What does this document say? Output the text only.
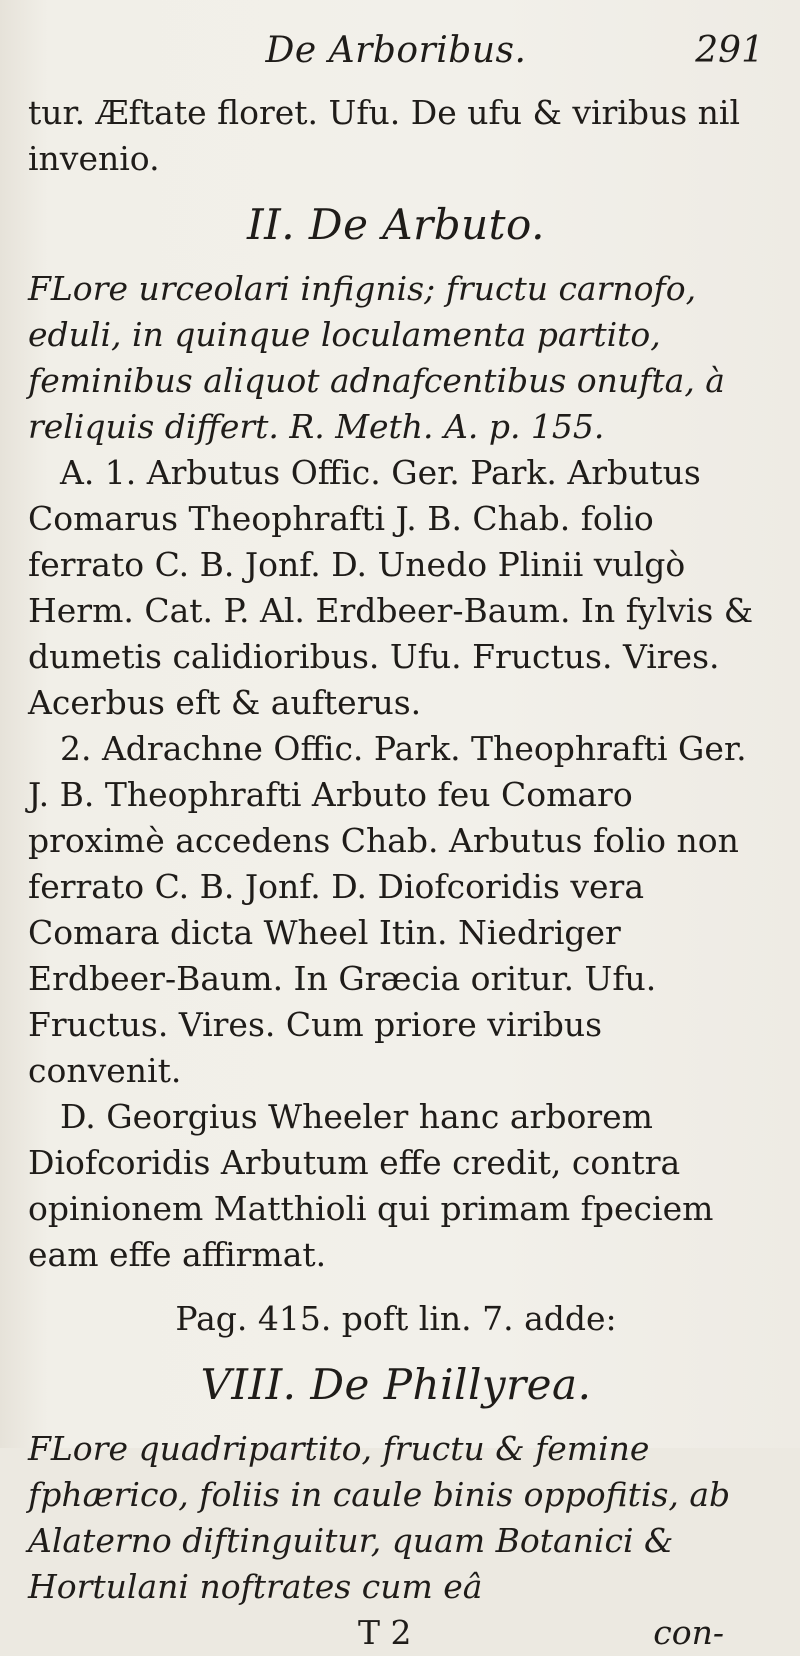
De Arboribus.	291

tur. Æftate floret. Ufu. De ufu & viribus nil

invenio.

II. De Arbuto.

FLore urceolari infignis; fructu carnofo, eduli, in quinque loculamenta partito, feminibus aliquot adnafcentibus onufta, à reliquis differt. R. Meth. A. p. 155.

A. 1. Arbutus Offic. Ger. Park. Arbutus Comarus Theophrafti J. B. Chab. folio ferrato C. B. Jonf. D. Unedo Plinii vulgò Herm. Cat. P. Al. Erdbeer-Baum. In fylvis & dumetis calidioribus. Ufu. Fructus. Vires. Acerbus eft & aufterus.

2. Adrachne Offic. Park. Theophrafti Ger. J. B. Theophrafti Arbuto feu Comaro proximè accedens Chab. Arbutus folio non ferrato C. B. Jonf. D. Diofcoridis vera Comara dicta Wheel Itin. Niedriger Erdbeer-Baum. In Græcia oritur. Ufu. Fructus. Vires. Cum priore viribus convenit.

D. Georgius Wheeler hanc arborem Diofcoridis Arbutum effe credit, contra opinionem Matthioli qui primam fpeciem eam effe affirmat.

Pag. 415. poft lin. 7. adde:

VIII. De Phillyrea.

FLore quadripartito, fructu & femine fphærico, foliis in caule binis oppofitis, ab Alaterno diftinguitur, quam Botanici & Hortulani noftrates cum eâ

T 2	con-
